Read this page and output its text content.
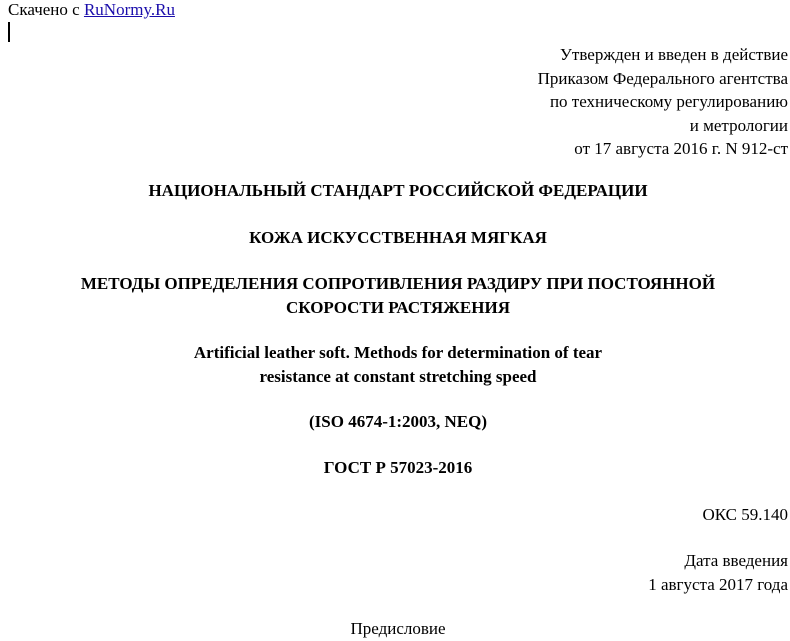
Скачено с RuNormy.Ru
Утвержден и введен в действие
Приказом Федерального агентства
по техническому регулированию
и метрологии
от 17 августа 2016 г. N 912-ст
НАЦИОНАЛЬНЫЙ СТАНДАРТ РОССИЙСКОЙ ФЕДЕРАЦИИ
КОЖА ИСКУССТВЕННАЯ МЯГКАЯ
МЕТОДЫ ОПРЕДЕЛЕНИЯ СОПРОТИВЛЕНИЯ РАЗДИРУ ПРИ ПОСТОЯННОЙ
СКОРОСТИ РАСТЯЖЕНИЯ
Artificial leather soft. Methods for determination of tear
resistance at constant stretching speed
(ISO 4674-1:2003, NEQ)
ГОСТ Р 57023-2016
ОКС 59.140
Дата введения
1 августа 2017 года
Предисловие
